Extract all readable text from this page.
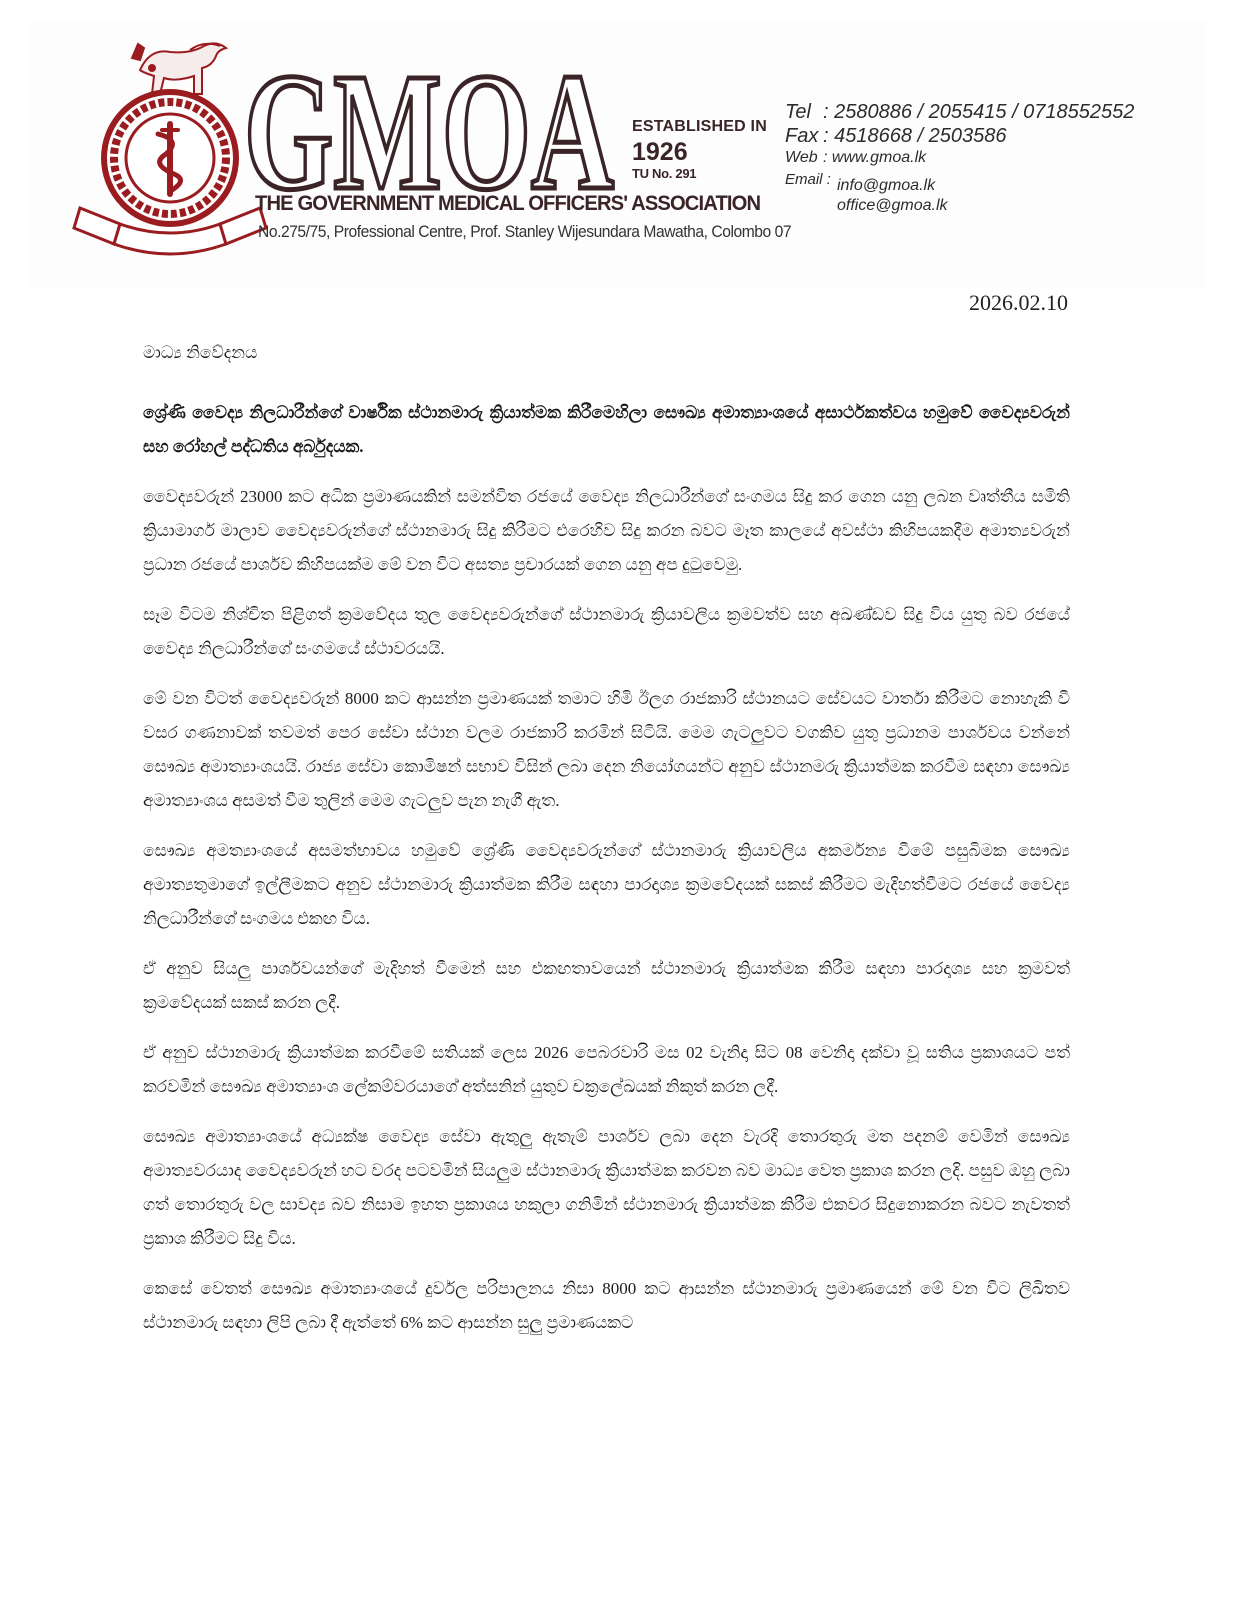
GMOA ESTABLISHED IN
1926
TU No. 291
THE GOVERNMENT MEDICAL OFFICERS' ASSOCIATION
No.275/75, Professional Centre, Prof. Stanley Wijesundara Mawatha, Colombo 07
Tel : 2580886 / 2055415 / 0718552552
Fax : 4518668 / 2503586
Web : www.gmoa.lk
Email : info@gmoa.lk
office@gmoa.lk
2026.02.10

මාධ්‍ය නිවේදනය

ශ්‍රේණි වෛද්‍ය නිලධාරීන්ගේ වාර්ෂික ස්ථානමාරු ක්‍රියාත්මක කිරීමෙහිලා සෞඛ්‍ය අමාත්‍යාංශයේ අසාර්ථකත්වය හමුවේ වෛද්‍යවරුන් සහ රෝහල් පද්ධතිය අර්බුදයක.

වෛද්‍යවරුන් 23000 කට අධික ප්‍රමාණයකින් සමන්විත රජයේ වෛද්‍ය නිලධාරීන්ගේ සංගමය සිදු කර ගෙන යනු ලබන වෘත්තීය සමිති ක්‍රියාමාර්ග මාලාව වෛද්‍යවරුන්ගේ ස්ථානමාරු සිදු කිරීමට එරෙහිව සිදු කරන බවට මෑත කාලයේ අවස්ථා කිහිපයකදීම අමාත්‍යවරුන් ප්‍රධාන රජයේ පාර්ශව කිහිපයක්ම මේ වන විට අසත්‍ය ප්‍රචාරයක් ගෙන යනු අප දුටුවෙමු.

සෑම විටම නිශ්චිත පිළිගත් ක්‍රමවේදය තුල වෛද්‍යවරුන්ගේ ස්ථානමාරු ක්‍රියාවලිය ක්‍රමවත්ව සහ අඛණ්ඩව සිදු විය යුතු බව රජයේ වෛද්‍ය නිලධාරීන්ගේ සංගමයේ ස්ථාවරයයි.

මේ වන විටත් වෛද්‍යවරුන් 8000 කට ආසන්න ප්‍රමාණයක් තමාට හිමි ඊලග රාජකාරි ස්ථානයට සේවයට වාර්තා කිරීමට නොහැකි වී වසර ගණනාවක් තවමත් පෙර සේවා ස්ථාන වලම රාජකාරි කරමින් සිටියි. මෙම ගැටලුවට වගකිව යුතු ප්‍රධානම පාර්ශවය වන්නේ සෞඛ්‍ය අමාත්‍යාංශයයි. රාජ්‍ය සේවා කොමිෂන් සභාව විසින් ලබා දෙන නියෝගයන්ට අනුව ස්ථානමරු ක්‍රියාත්මක කරවීම සඳහා සෞඛ්‍ය අමාත්‍යාංශය අසමත් වීම තුලින් මෙම ගැටලුව පැන නැගී ඇත.

සෞඛ්‍ය අමත්‍යාංශයේ අසමත්භාවය හමුවේ ශ්‍රේණි වෛද්‍යවරුන්ගේ ස්ථානමාරු ක්‍රියාවලිය අකර්මන්‍ය වීමේ පසුබිමක සෞඛ්‍ය අමාත්‍යතුමාගේ ඉල්ලීමකට අනුව ස්ථානමාරු ක්‍රියාත්මක කිරීම සඳහා පාරදෘශ්‍ය ක්‍රමවේදයක් සකස් කිරීමට මැදිහත්වීමට රජයේ වෛද්‍ය නිලධාරීන්ගේ සංගමය එකඟ විය.

ඒ අනුව සියලු පාර්ශවයන්ගේ මැදිහත් වීමෙන් සහ එකඟතාවයෙන් ස්ථානමාරු ක්‍රියාත්මක කිරීම සඳහා පාරදෘශ්‍ය සහ ක්‍රමවත් ක්‍රමවේදයක් සකස් කරන ලදී.

ඒ අනුව ස්ථානමාරු ක්‍රියාත්මක කරවීමේ සතියක් ලෙස 2026 පෙබරවාරි මස 02 වැනිදා සිට 08 වෙනිදා දක්වා වූ සතිය ප්‍රකාශයට පත් කරවමින් සෞඛ්‍ය අමාත්‍යාංශ ලේකම්වරයාගේ අත්සනින් යුතුව චක්‍රලේඛයක් නිකුත් කරන ලදී.

සෞඛ්‍ය අමාත්‍යාංශයේ අධ්‍යක්ෂ වෛද්‍ය සේවා ඇතුලු ඇතැම් පාර්ශව ලබා දෙන වැරදි තොරතුරු මත පදනම් වෙමින් සෞඛ්‍ය අමාත්‍යවරයාද වෛද්‍යවරුන් හට වරද පටවමින් සියලුම ස්ථානමාරු ක්‍රියාත්මක කරවන බව මාධ්‍ය වෙත ප්‍රකාශ කරන ලදි. පසුව ඔහු ලබා ගත් තොරතුරු වල සාවද්‍ය බව නිසාම ඉහත ප්‍රකාශය හකුලා ගනිමින් ස්ථානමාරු ක්‍රියාත්මක කිරීම එකවර සිදුනොකරන බවට නැවතත් ප්‍රකාශ කිරීමට සිදු විය.

කෙසේ වෙතත් සෞඛ්‍ය අමාත්‍යාංශයේ දුර්වල පරිපාලනය නිසා 8000 කට ආසන්න ස්ථානමාරු ප්‍රමාණයෙන් මේ වන විට ලිඛිතව ස්ථානමාරු සඳහා ලිපි ලබා දී ඇත්තේ 6% කට ආසන්න සුලු ප්‍රමාණයකට
